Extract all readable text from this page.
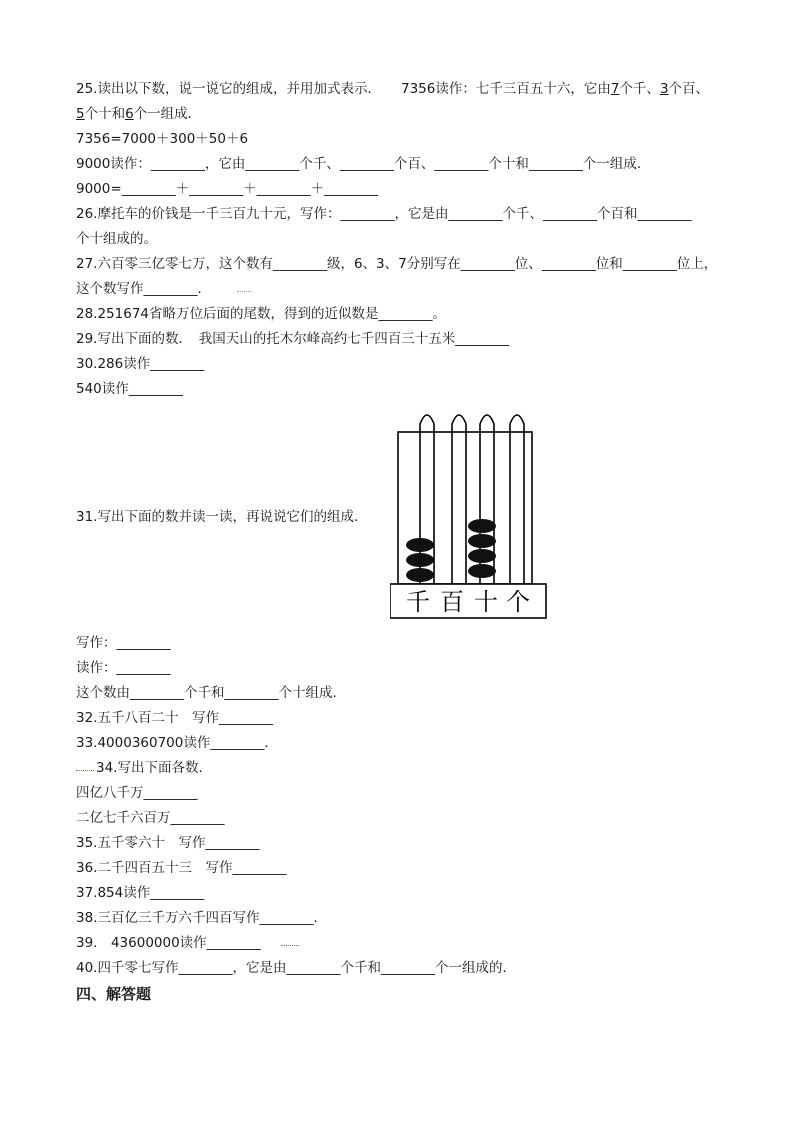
25.读出以下数，说一说它的组成，并用加式表示． 7356读作：七千三百五十六，它由7个千、3个百、
5个十和6个一组成．
7356=7000＋300＋50＋6
9000读作：________，它由________个千、________个百、________个十和________个一组成．
9000=________＋________＋________＋________
26.摩托车的价钱是一千三百九十元，写作：________，它是由________个千、________个百和________
个十组成的。
27.六百零三亿零七万，这个数有________级，6、3、7分别写在________位、________位和________位上，
这个数写作________．
28.251674省略万位后面的尾数，得到的近似数是________。
29.写出下面的数．　我国天山的托木尔峰高约七千四百三十五米________
30.286读作________
540读作________
31.写出下面的数并读一读，再说说它们的组成．
千 百 十 个
写作：________
读作：________
这个数由________个千和________个十组成．
32.五千八百二十　写作________
33.4000360700读作________．
34.写出下面各数．
四亿八千万________
二亿七千六百万________
35.五千零六十　写作________
36.二千四百五十三　写作________
37.854读作________
38.三百亿三千万六千四百写作________．
39.　43600000读作________
40.四千零七写作________，它是由________个千和________个一组成的．
四、解答题
